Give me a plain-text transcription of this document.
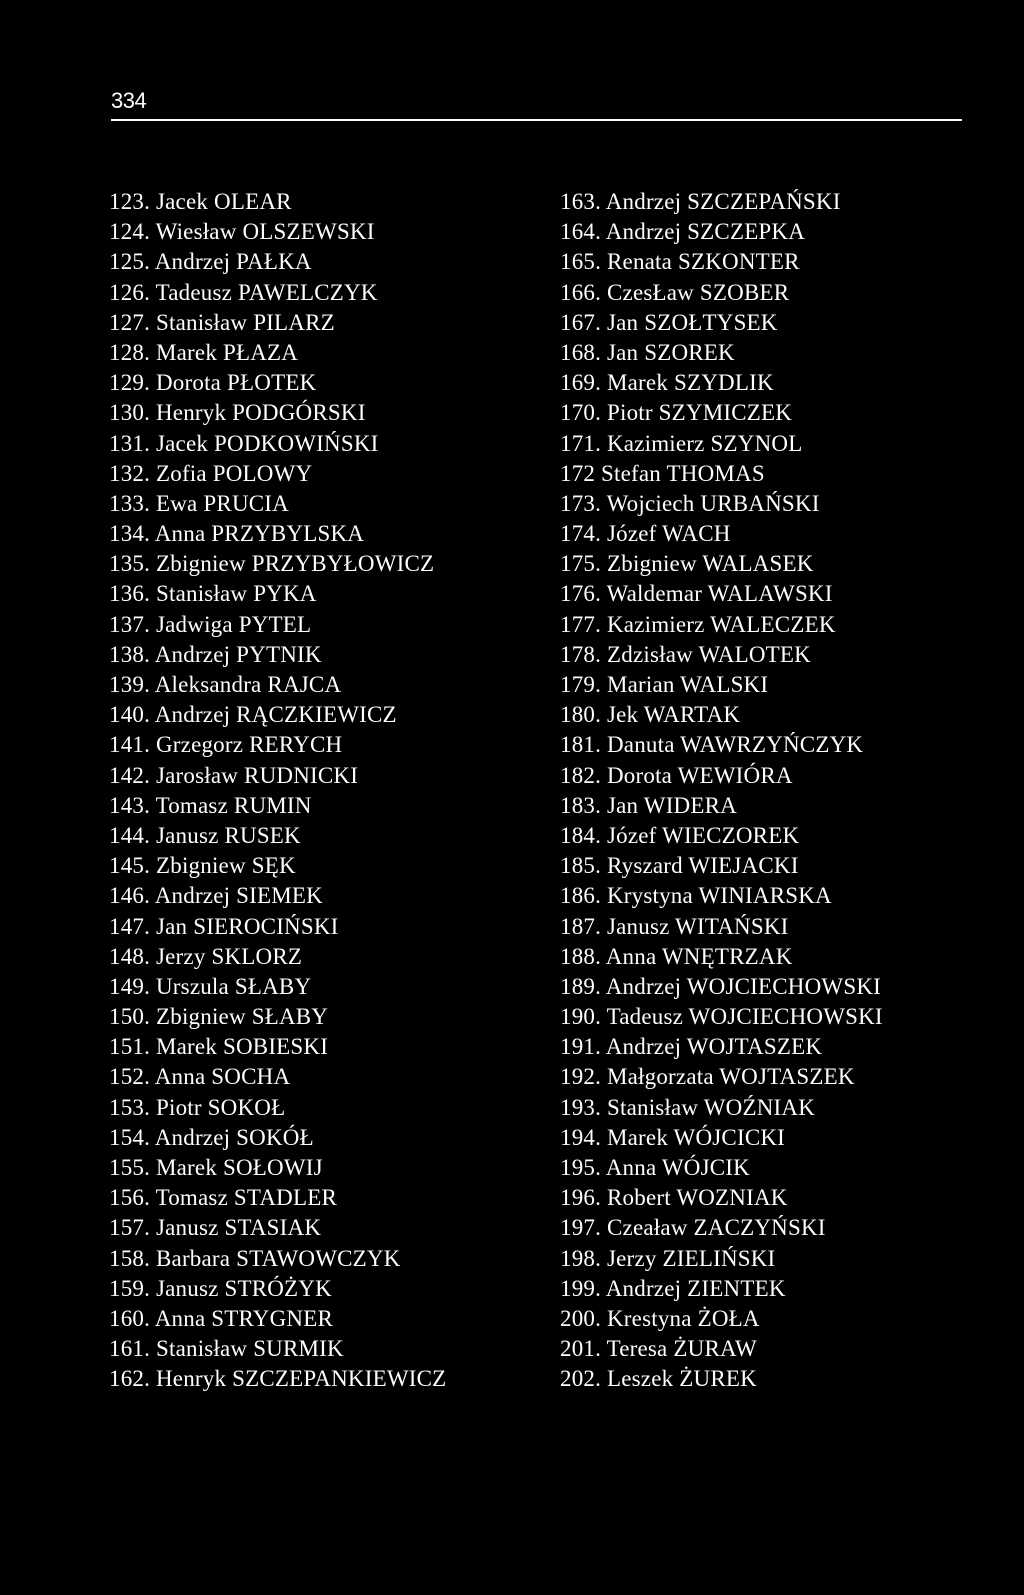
334
123. Jacek OLEAR
124. Wiesław OLSZEWSKI
125. Andrzej PAŁKA
126. Tadeusz PAWELCZYK
127. Stanisław PILARZ
128. Marek PŁAZA
129. Dorota PŁOTEK
130. Henryk PODGÓRSKI
131. Jacek PODKOWIŃSKI
132. Zofia POLOWY
133. Ewa PRUCIA
134. Anna PRZYBYLSKA
135. Zbigniew PRZYBYŁOWICZ
136. Stanisław PYKA
137. Jadwiga PYTEL
138. Andrzej PYTNIK
139. Aleksandra RAJCA
140. Andrzej RĄCZKIEWICZ
141. Grzegorz RERYCH
142. Jarosław RUDNICKI
143. Tomasz RUMIN
144. Janusz RUSEK
145. Zbigniew SĘK
146. Andrzej SIEMEK
147. Jan SIEROCIŃSKI
148. Jerzy SKLORZ
149. Urszula SŁABY
150. Zbigniew SŁABY
151. Marek SOBIESKI
152. Anna SOCHA
153. Piotr SOKOŁ
154. Andrzej SOKÓŁ
155. Marek SOŁOWIJ
156. Tomasz STADLER
157. Janusz STASIAK
158. Barbara STAWOWCZYK
159. Janusz STRÓŻYK
160. Anna STRYGNER
161. Stanisław SURMIK
162. Henryk SZCZEPANKIEWICZ
163. Andrzej SZCZEPAŃSKI
164. Andrzej SZCZEPKA
165. Renata SZKONTER
166. CzesŁaw SZOBER
167. Jan SZOŁTYSEK
168. Jan SZOREK
169. Marek SZYDLIK
170. Piotr SZYMICZEK
171. Kazimierz SZYNOL
172 Stefan THOMAS
173. Wojciech URBAŃSKI
174. Józef WACH
175. Zbigniew WALASEK
176. Waldemar WALAWSKI
177. Kazimierz WALECZEK
178. Zdzisław WALOTEK
179. Marian WALSKI
180. Jek WARTAK
181. Danuta WAWRZYŃCZYK
182. Dorota WEWIÓRA
183. Jan WIDERA
184. Józef WIECZOREK
185. Ryszard WIEJACKI
186. Krystyna WINIARSKA
187. Janusz WITAŃSKI
188. Anna WNĘTRZAK
189. Andrzej WOJCIECHOWSKI
190. Tadeusz WOJCIECHOWSKI
191. Andrzej WOJTASZEK
192. Małgorzata WOJTASZEK
193. Stanisław WOŹNIAK
194. Marek WÓJCICKI
195. Anna WÓJCIK
196. Robert WOZNIAK
197. Czeaław ZACZYŃSKI
198. Jerzy ZIELIŃSKI
199. Andrzej ZIENTEK
200. Krestyna ŻOŁA
201. Teresa ŻURAW
202. Leszek ŻUREK
